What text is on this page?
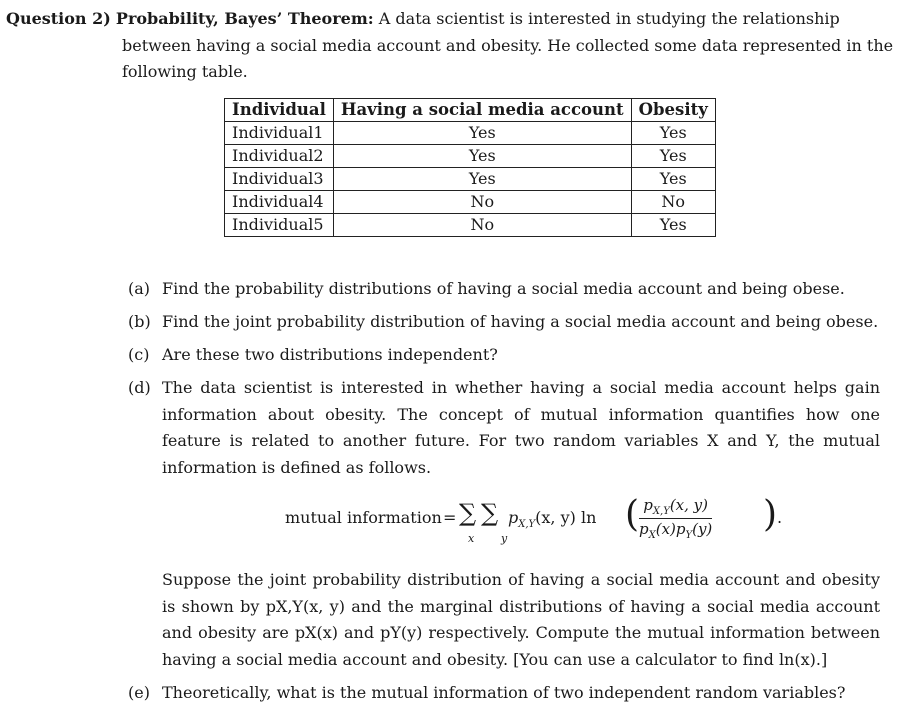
Question 2) Probability, Bayes’ Theorem: A data scientist is interested in studying the relationship
between having a social media account and obesity. He collected some data represented in the
following table.
Individual	Having a social media account	Obesity
Individual1	Yes	Yes
Individual2	Yes	Yes
Individual3	Yes	Yes
Individual4	No	No
Individual5	No	Yes
(a) Find the probability distributions of having a social media account and being obese.
(b) Find the joint probability distribution of having a social media account and being obese.
(c) Are these two distributions independent?
(d) The data scientist is interested in whether having a social media account helps gain information about obesity. The concept of mutual information quantifies how one feature is related to another future. For two random variables X and Y, the mutual information is defined as follows.
mutual information = ∑ ∑
x y
$p_{X,Y}(x$, y) ln ( $\frac{p_{X,Y}(x, y)}{p_X(x)p_Y(y)}$ ) .
Suppose the joint probability distribution of having a social media account and obesity is shown by pX,Y(x, y) and the marginal distributions of having a social media account and obesity are pX(x) and pY(y) respectively. Compute the mutual information between having a social media account and obesity. [You can use a calculator to find ln(x).]
(e) Theoretically, what is the mutual information of two independent random variables?
